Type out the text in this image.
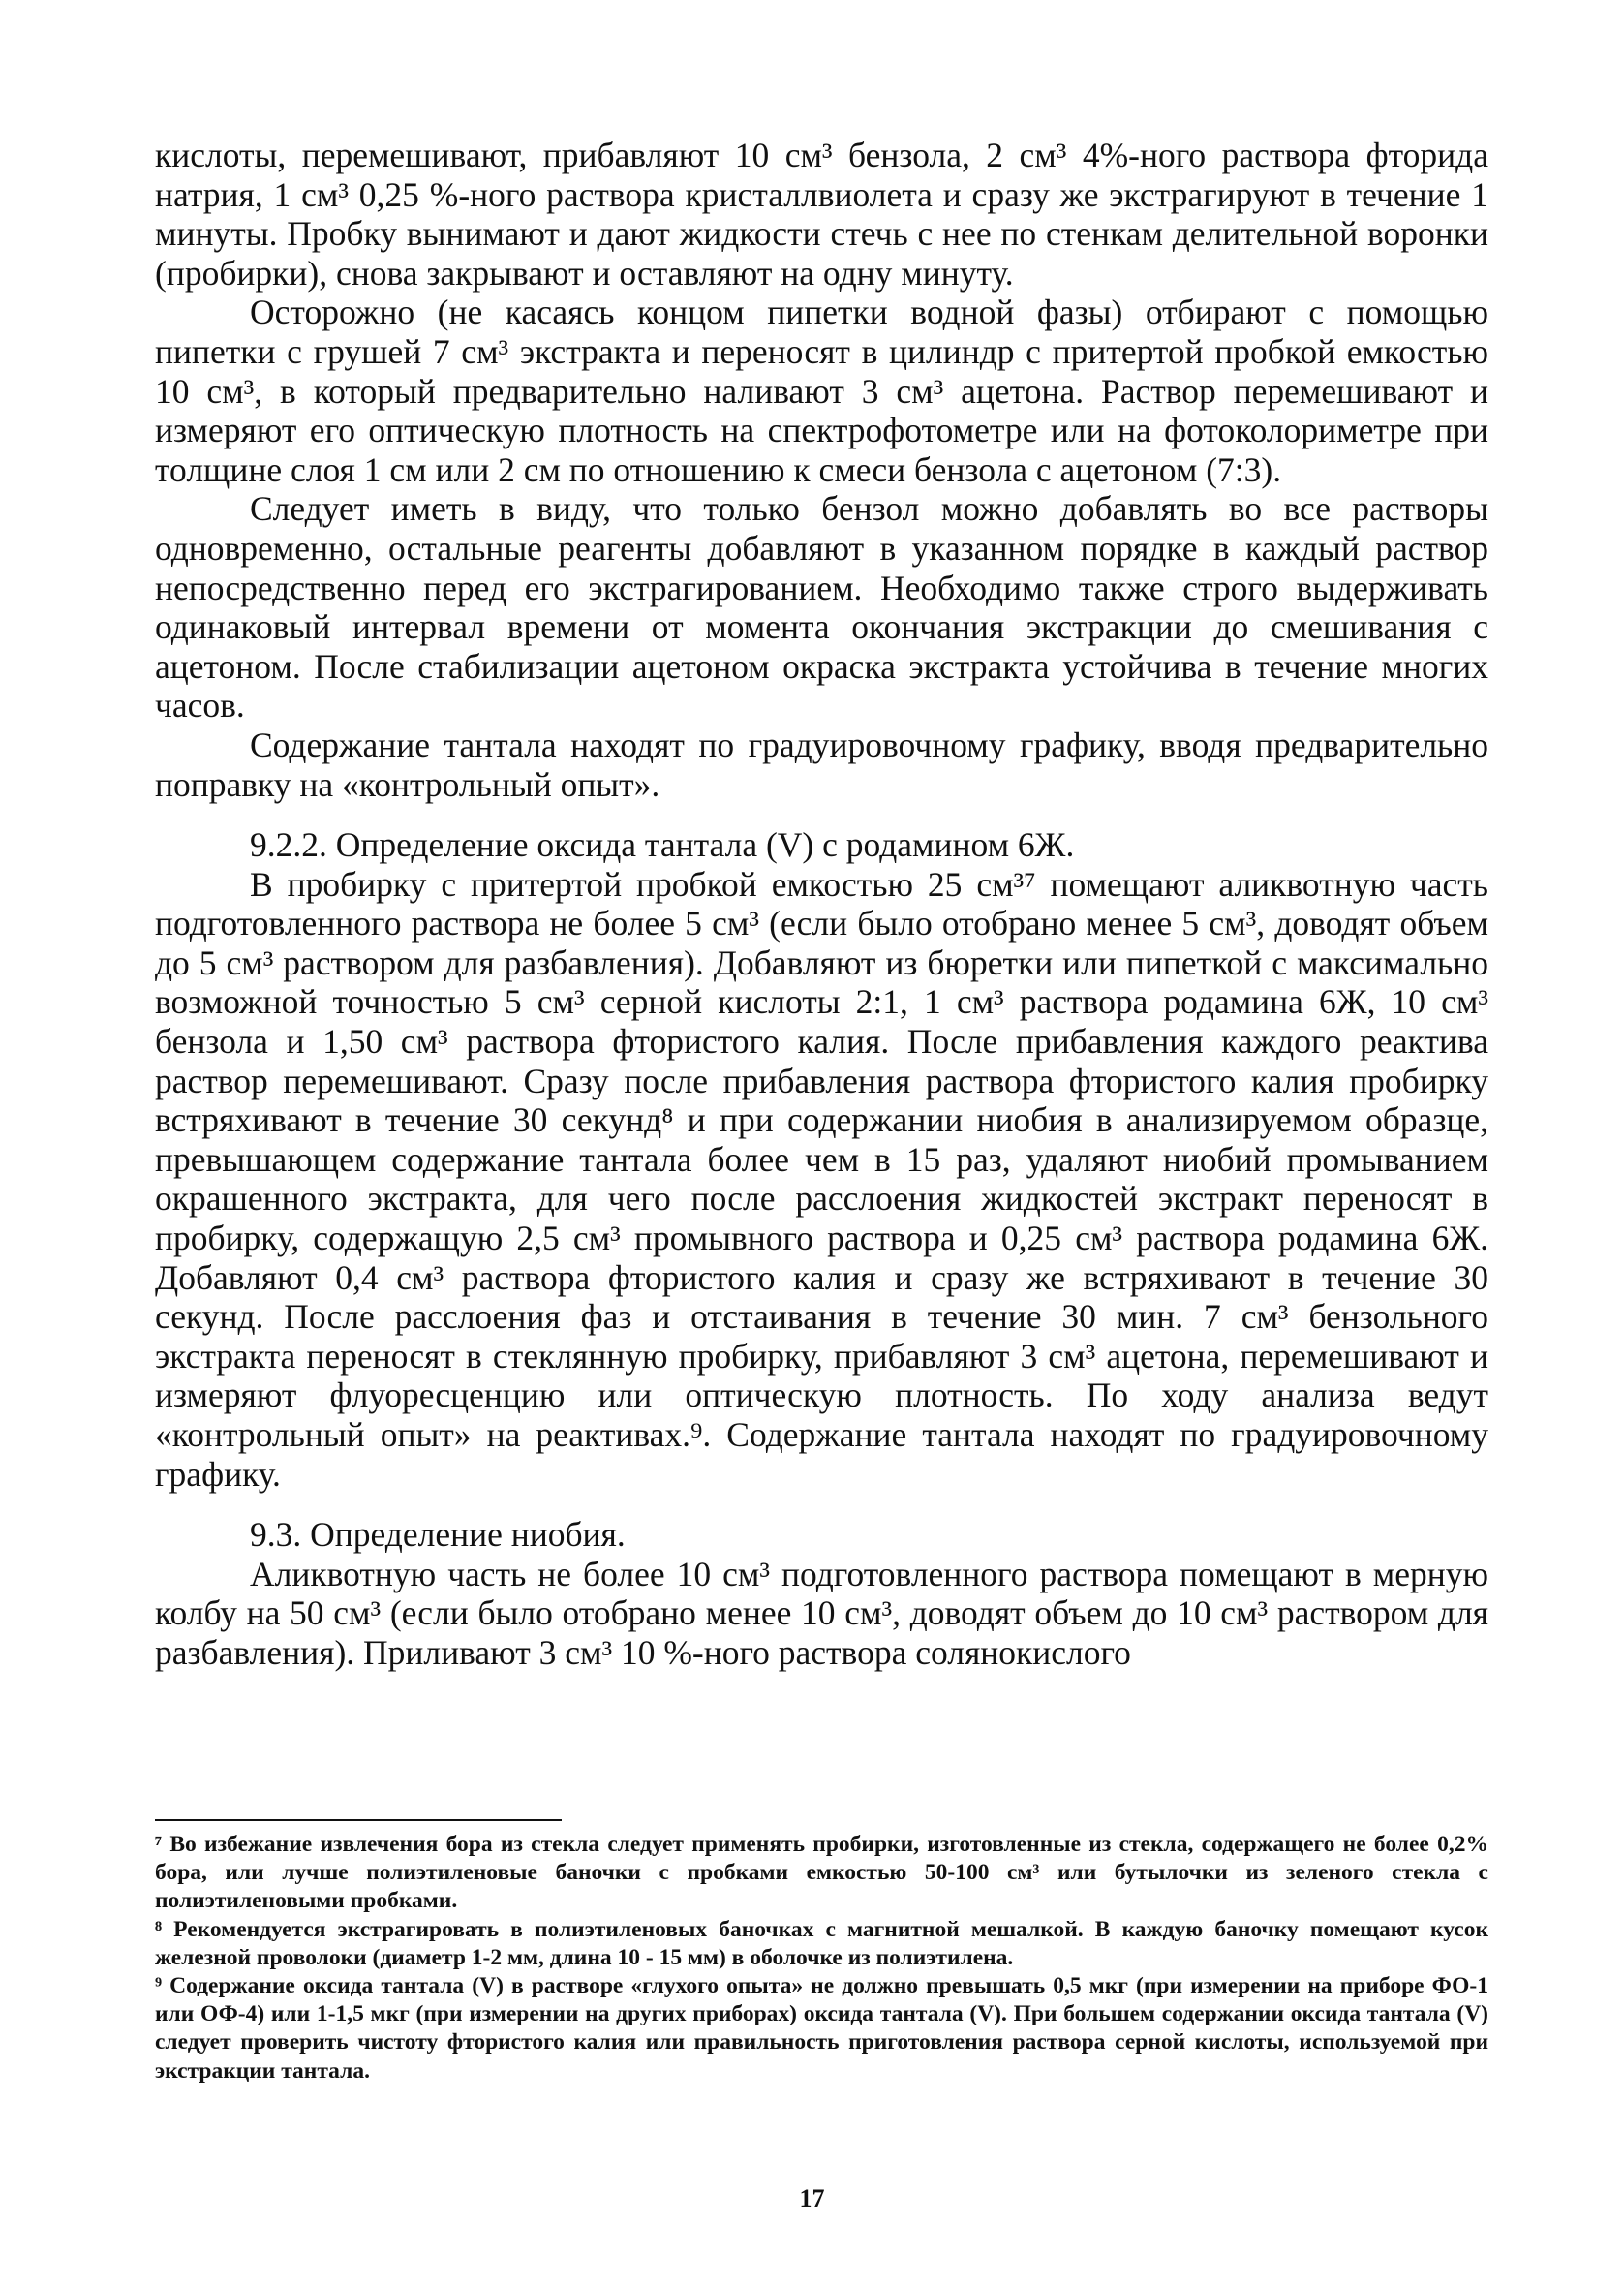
кислоты, перемешивают, прибавляют 10 см³ бензола, 2 см³ 4%-ного раствора фторида натрия, 1 см³ 0,25 %-ного раствора кристаллвиолета и сразу же экстрагируют в течение 1 минуты. Пробку вынимают и дают жидкости стечь с нее по стенкам делительной воронки (пробирки), снова закрывают и оставляют на одну минуту.

Осторожно (не касаясь концом пипетки водной фазы) отбирают с помощью пипетки с грушей 7 см³ экстракта и переносят в цилиндр с притертой пробкой емкостью 10 см³, в который предварительно наливают 3 см³ ацетона. Раствор перемешивают и измеряют его оптическую плотность на спектрофотометре или на фотоколориметре при толщине слоя 1 см или 2 см по отношению к смеси бензола с ацетоном (7:3).

Следует иметь в виду, что только бензол можно добавлять во все растворы одновременно, остальные реагенты добавляют в указанном порядке в каждый раствор непосредственно перед его экстрагированием. Необходимо также строго выдерживать одинаковый интервал времени от момента окончания экстракции до смешивания с ацетоном. После стабилизации ацетоном окраска экстракта устойчива в течение многих часов.

Содержание тантала находят по градуировочному графику, вводя предварительно поправку на «контрольный опыт».

9.2.2. Определение оксида тантала (V) с родамином 6Ж.

В пробирку с притертой пробкой емкостью 25 см³⁷ помещают аликвотную часть подготовленного раствора не более 5 см³ (если было отобрано менее 5 см³, доводят объем до 5 см³ раствором для разбавления). Добавляют из бюретки или пипеткой с максимально возможной точностью 5 см³ серной кислоты 2:1, 1 см³ раствора родамина 6Ж, 10 см³ бензола и 1,50 см³ раствора фтористого калия. После прибавления каждого реактива раствор перемешивают. Сразу после прибавления раствора фтористого калия пробирку встряхивают в течение 30 секунд⁸ и при содержании ниобия в анализируемом образце, превышающем содержание тантала более чем в 15 раз, удаляют ниобий промыванием окрашенного экстракта, для чего после расслоения жидкостей экстракт переносят в пробирку, содержащую 2,5 см³ промывного раствора и 0,25 см³ раствора родамина 6Ж. Добавляют 0,4 см³ раствора фтористого калия и сразу же встряхивают в течение 30 секунд. После расслоения фаз и отстаивания в течение 30 мин. 7 см³ бензольного экстракта переносят в стеклянную пробирку, прибавляют 3 см³ ацетона, перемешивают и измеряют флуоресценцию или оптическую плотность. По ходу анализа ведут «контрольный опыт» на реактивах.⁹. Содержание тантала находят по градуировочному графику.

9.3. Определение ниобия.

Аликвотную часть не более 10 см³ подготовленного раствора помещают в мерную колбу на 50 см³ (если было отобрано менее 10 см³, доводят объем до 10 см³ раствором для разбавления). Приливают 3 см³ 10 %-ного раствора солянокислого

⁷ Во избежание извлечения бора из стекла следует применять пробирки, изготовленные из стекла, содержащего не более 0,2% бора, или лучше полиэтиленовые баночки с пробками емкостью 50-100 см³ или бутылочки из зеленого стекла с полиэтиленовыми пробками.

⁸ Рекомендуется экстрагировать в полиэтиленовых баночках с магнитной мешалкой. В каждую баночку помещают кусок железной проволоки (диаметр 1-2 мм, длина 10 - 15 мм) в оболочке из полиэтилена.

⁹ Содержание оксида тантала (V) в растворе «глухого опыта» не должно превышать 0,5 мкг (при измерении на приборе ФО-1 или ОФ-4) или 1-1,5 мкг (при измерении на других приборах) оксида тантала (V). При большем содержании оксида тантала (V) следует проверить чистоту фтористого калия или правильность приготовления раствора серной кислоты, используемой при экстракции тантала.

17
